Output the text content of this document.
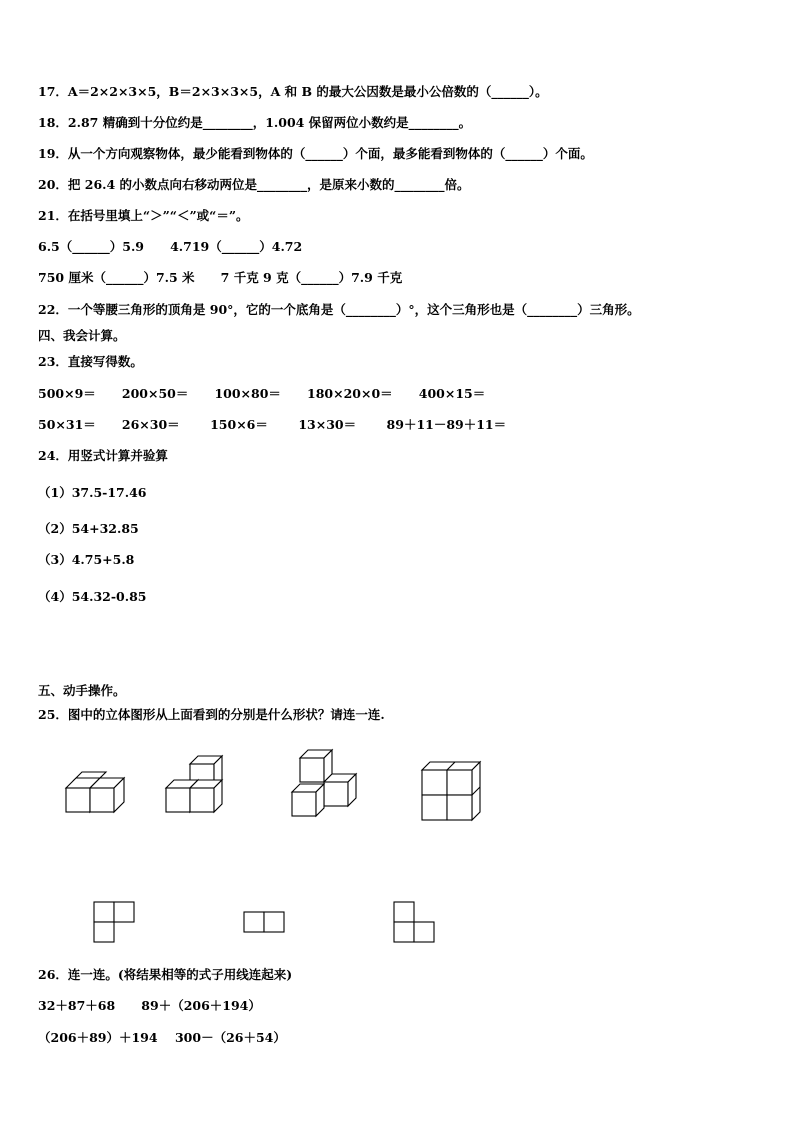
17．A＝2×2×3×5，B＝2×3×3×5，A 和 B 的最大公因数是最小公倍数的（______）。
18．2.87 精确到十分位约是________，1.004 保留两位小数约是________。
19．从一个方向观察物体，最少能看到物体的（______）个面，最多能看到物体的（______）个面。
20．把 26.4 的小数点向右移动两位是________，是原来小数的________倍。
21．在括号里填上“＞”“＜”或“＝”。
6.5（______）5.9      4.719（______）4.72
750 厘米（______）7.5 米      7 千克 9 克（______）7.9 千克
22．一个等腰三角形的顶角是 90°，它的一个底角是（________）°，这个三角形也是（________）三角形。
四、我会计算。
23．直接写得数。
500×9＝      200×50＝      100×80＝      180×20×0＝      400×15＝
50×31＝      26×30＝       150×6＝       13×30＝       89＋11－89＋11＝
24．用竖式计算并验算
（1）37.5-17.46
（2）54+32.85
（3）4.75+5.8
（4）54.32-0.85
五、动手操作。
25．图中的立体图形从上面看到的分别是什么形状？请连一连.
26．连一连。(将结果相等的式子用线连起来)
32＋87＋68      89＋（206＋194）
（206＋89）＋194    300－（26＋54）
